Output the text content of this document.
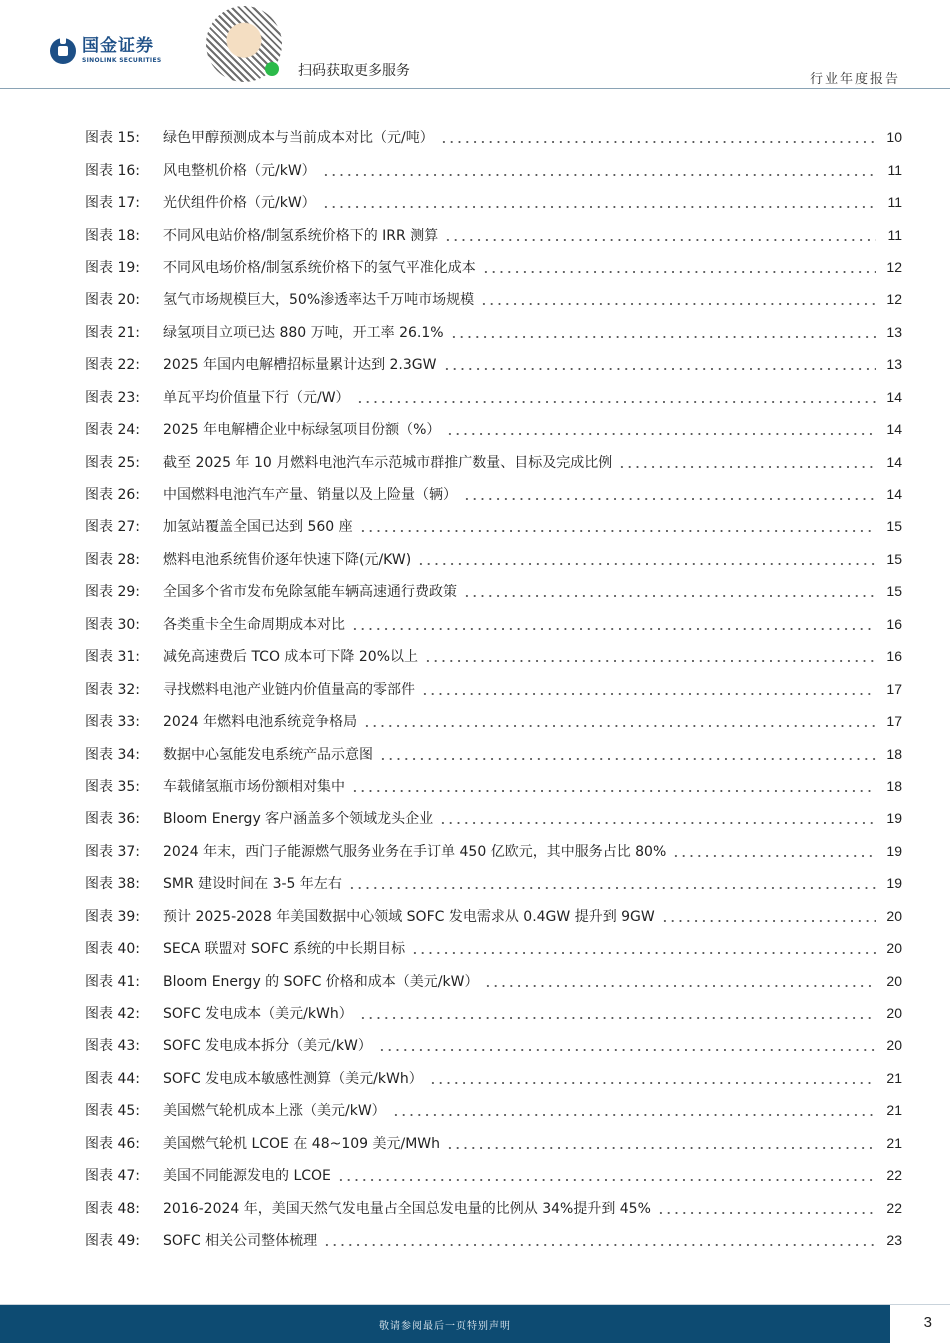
国金证券
SINOLINK SECURITIES
扫码获取更多服务
行业年度报告
图表 15:	绿色甲醇预测成本与当前成本对比（元/吨）	10
图表 16:	风电整机价格（元/kW）	11
图表 17:	光伏组件价格（元/kW）	11
图表 18:	不同风电站价格/制氢系统价格下的 IRR 测算	11
图表 19:	不同风电场价格/制氢系统价格下的氢气平准化成本	12
图表 20:	氢气市场规模巨大，50%渗透率达千万吨市场规模	12
图表 21:	绿氢项目立项已达 880 万吨，开工率 26.1%	13
图表 22:	2025 年国内电解槽招标量累计达到 2.3GW	13
图表 23:	单瓦平均价值量下行（元/W）	14
图表 24:	2025 年电解槽企业中标绿氢项目份额（%）	14
图表 25:	截至 2025 年 10 月燃料电池汽车示范城市群推广数量、目标及完成比例	14
图表 26:	中国燃料电池汽车产量、销量以及上险量（辆）	14
图表 27:	加氢站覆盖全国已达到 560 座	15
图表 28:	燃料电池系统售价逐年快速下降(元/KW)	15
图表 29:	全国多个省市发布免除氢能车辆高速通行费政策	15
图表 30:	各类重卡全生命周期成本对比	16
图表 31:	减免高速费后 TCO 成本可下降 20%以上	16
图表 32:	寻找燃料电池产业链内价值量高的零部件	17
图表 33:	2024 年燃料电池系统竞争格局	17
图表 34:	数据中心氢能发电系统产品示意图	18
图表 35:	车载储氢瓶市场份额相对集中	18
图表 36:	Bloom Energy 客户涵盖多个领域龙头企业	19
图表 37:	2024 年末，西门子能源燃气服务业务在手订单 450 亿欧元，其中服务占比 80%	19
图表 38:	SMR 建设时间在 3-5 年左右	19
图表 39:	预计 2025-2028 年美国数据中心领域 SOFC 发电需求从 0.4GW 提升到 9GW	20
图表 40:	SECA 联盟对 SOFC 系统的中长期目标	20
图表 41:	Bloom Energy 的 SOFC 价格和成本（美元/kW）	20
图表 42:	SOFC 发电成本（美元/kWh）	20
图表 43:	SOFC 发电成本拆分（美元/kW）	20
图表 44:	SOFC 发电成本敏感性测算（美元/kWh）	21
图表 45:	美国燃气轮机成本上涨（美元/kW）	21
图表 46:	美国燃气轮机 LCOE 在 48~109 美元/MWh	21
图表 47:	美国不同能源发电的 LCOE	22
图表 48:	2016-2024 年，美国天然气发电量占全国总发电量的比例从 34%提升到 45%	22
图表 49:	SOFC 相关公司整体梳理	23
敬请参阅最后一页特别声明	3
